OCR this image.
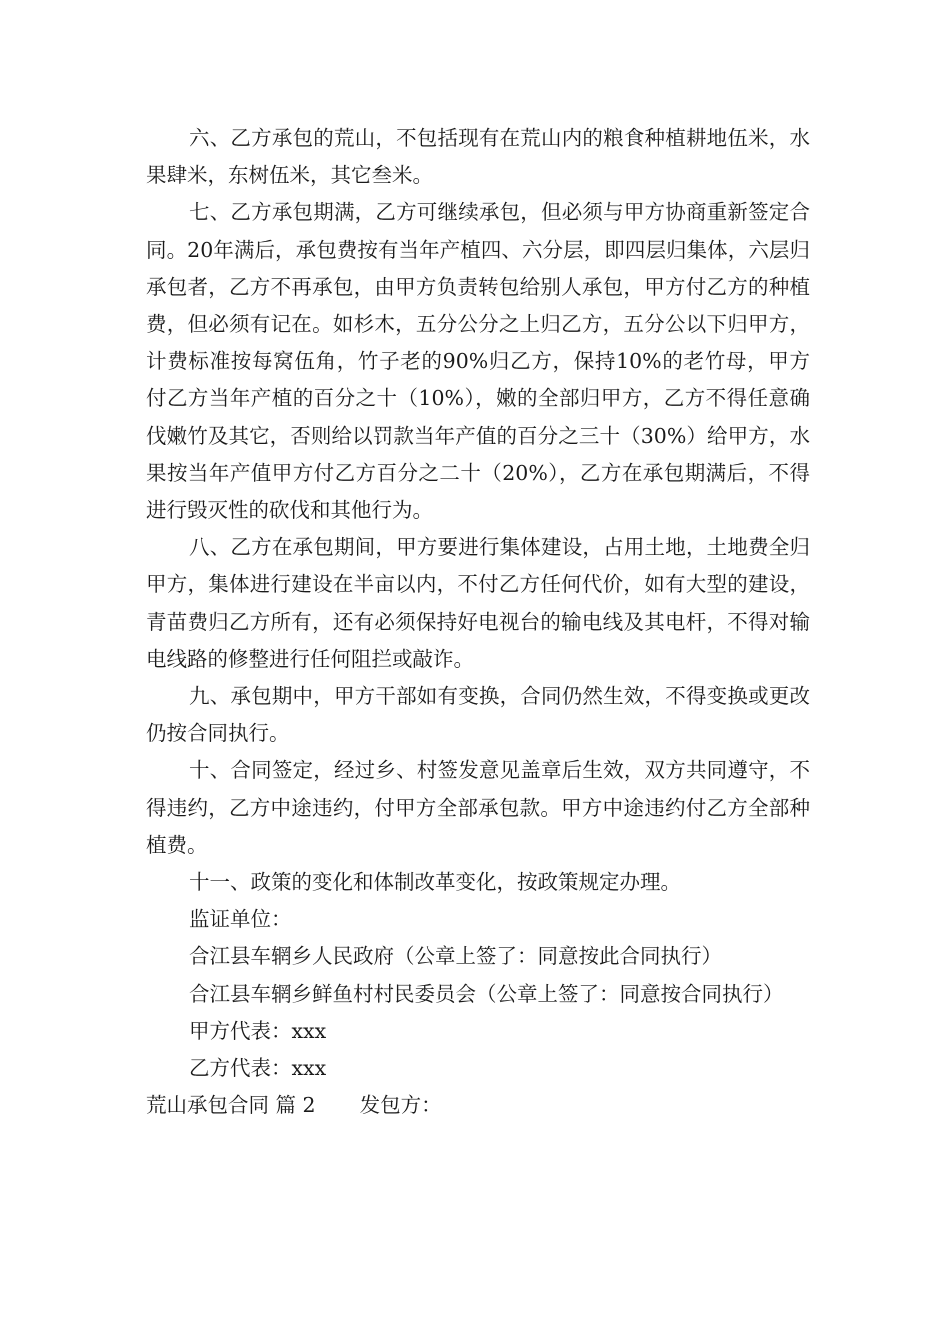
六、乙方承包的荒山，不包括现有在荒山内的粮食种植耕地伍米，水果肆米，东树伍米，其它叁米。

七、乙方承包期满，乙方可继续承包，但必须与甲方协商重新签定合同。20年满后，承包费按有当年产植四、六分层，即四层归集体，六层归承包者，乙方不再承包，由甲方负责转包给别人承包，甲方付乙方的种植费，但必须有记在。如杉木，五分公分之上归乙方，五分公以下归甲方，计费标准按每窝伍角，竹子老的90%归乙方，保持10%的老竹母，甲方付乙方当年产植的百分之十（10%），嫩的全部归甲方，乙方不得任意确伐嫩竹及其它，否则给以罚款当年产值的百分之三十（30%）给甲方，水果按当年产值甲方付乙方百分之二十（20%），乙方在承包期满后，不得进行毁灭性的砍伐和其他行为。

八、乙方在承包期间，甲方要进行集体建设，占用土地，土地费全归甲方，集体进行建设在半亩以内，不付乙方任何代价，如有大型的建设，青苗费归乙方所有，还有必须保持好电视台的输电线及其电杆，不得对输电线路的修整进行任何阻拦或敲诈。

九、承包期中，甲方干部如有变换，合同仍然生效，不得变换或更改仍按合同执行。

十、合同签定，经过乡、村签发意见盖章后生效，双方共同遵守，不得违约，乙方中途违约，付甲方全部承包款。甲方中途违约付乙方全部种植费。

十一、政策的变化和体制改革变化，按政策规定办理。

监证单位：

合江县车辋乡人民政府（公章上签了：同意按此合同执行）

合江县车辋乡鲜鱼村村民委员会（公章上签了：同意按合同执行）

甲方代表：xxx

乙方代表：xxx

荒山承包合同 篇 2 发包方：
